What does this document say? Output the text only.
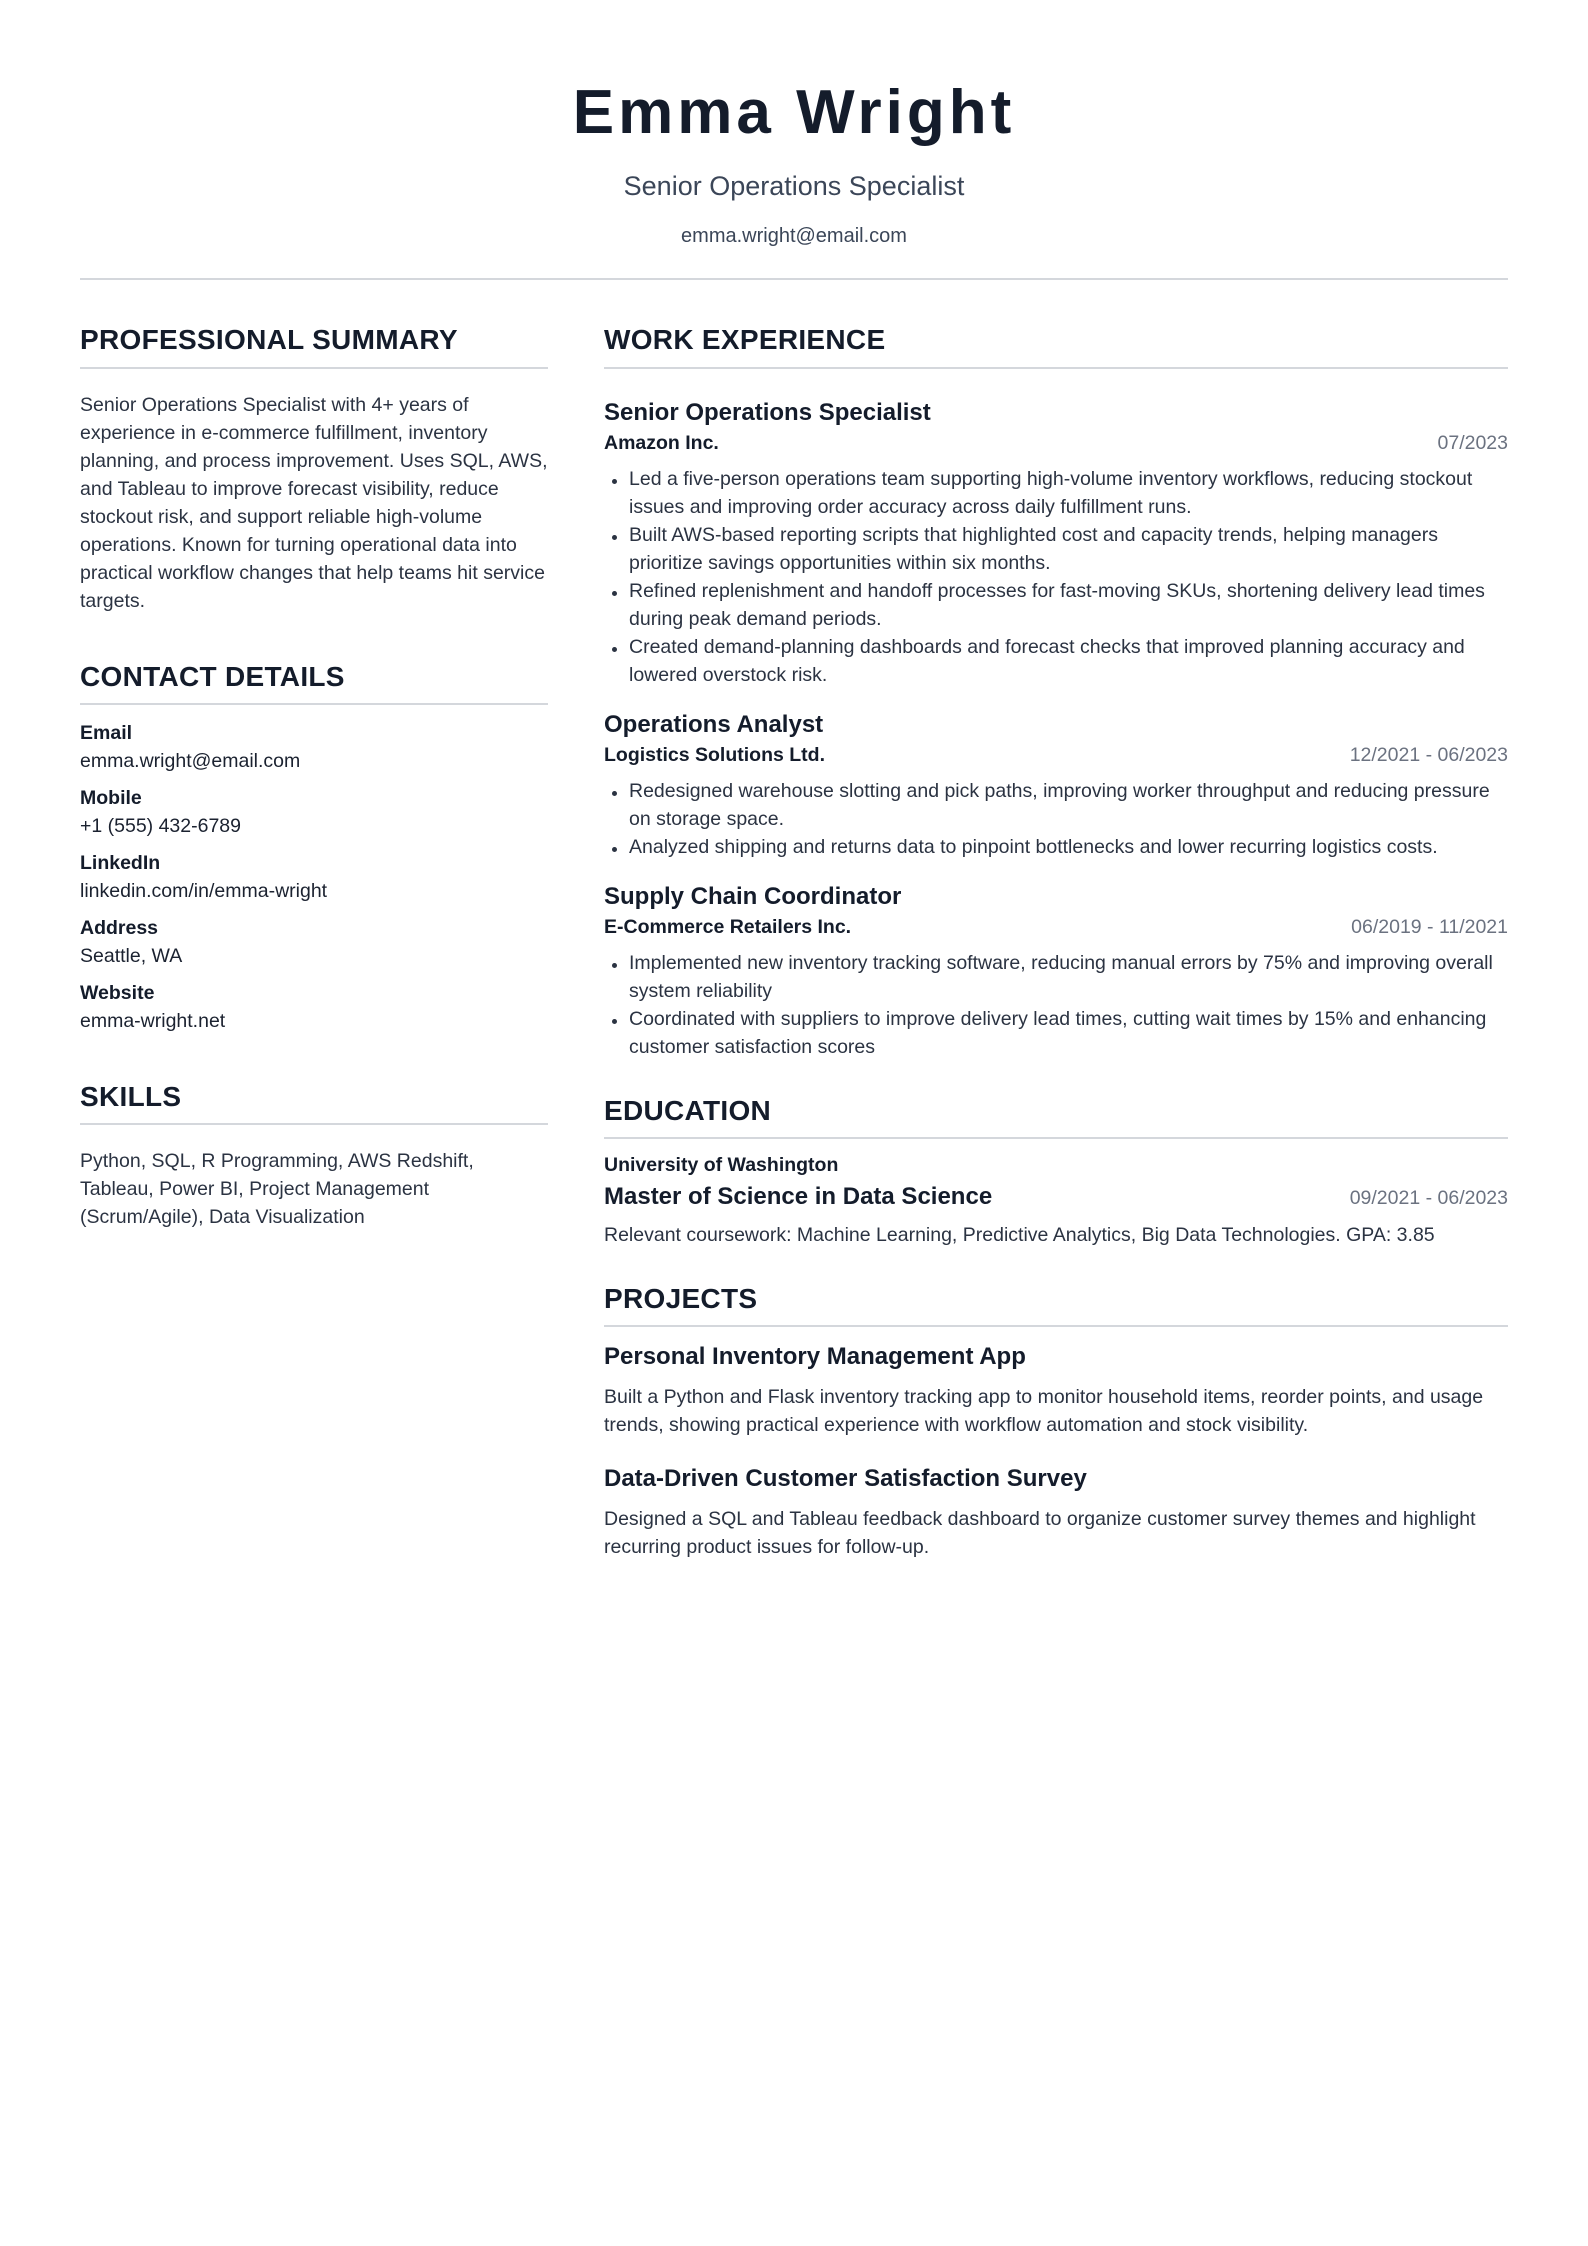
Emma Wright
Senior Operations Specialist
emma.wright@email.com
PROFESSIONAL SUMMARY
Senior Operations Specialist with 4+ years of experience in e-commerce fulfillment, inventory planning, and process improvement. Uses SQL, AWS, and Tableau to improve forecast visibility, reduce stockout risk, and support reliable high-volume operations. Known for turning operational data into practical workflow changes that help teams hit service targets.
CONTACT DETAILS
Email
emma.wright@email.com
Mobile
+1 (555) 432-6789
LinkedIn
linkedin.com/in/emma-wright
Address
Seattle, WA
Website
emma-wright.net
SKILLS
Python, SQL, R Programming, AWS Redshift, Tableau, Power BI, Project Management (Scrum/Agile), Data Visualization
WORK EXPERIENCE
Senior Operations Specialist
Amazon Inc.	07/2023
Led a five-person operations team supporting high-volume inventory workflows, reducing stockout issues and improving order accuracy across daily fulfillment runs.
Built AWS-based reporting scripts that highlighted cost and capacity trends, helping managers prioritize savings opportunities within six months.
Refined replenishment and handoff processes for fast-moving SKUs, shortening delivery lead times during peak demand periods.
Created demand-planning dashboards and forecast checks that improved planning accuracy and lowered overstock risk.
Operations Analyst
Logistics Solutions Ltd.	12/2021 - 06/2023
Redesigned warehouse slotting and pick paths, improving worker throughput and reducing pressure on storage space.
Analyzed shipping and returns data to pinpoint bottlenecks and lower recurring logistics costs.
Supply Chain Coordinator
E-Commerce Retailers Inc.	06/2019 - 11/2021
Implemented new inventory tracking software, reducing manual errors by 75% and improving overall system reliability
Coordinated with suppliers to improve delivery lead times, cutting wait times by 15% and enhancing customer satisfaction scores
EDUCATION
University of Washington
Master of Science in Data Science	09/2021 - 06/2023
Relevant coursework: Machine Learning, Predictive Analytics, Big Data Technologies. GPA: 3.85
PROJECTS
Personal Inventory Management App
Built a Python and Flask inventory tracking app to monitor household items, reorder points, and usage trends, showing practical experience with workflow automation and stock visibility.
Data-Driven Customer Satisfaction Survey
Designed a SQL and Tableau feedback dashboard to organize customer survey themes and highlight recurring product issues for follow-up.
